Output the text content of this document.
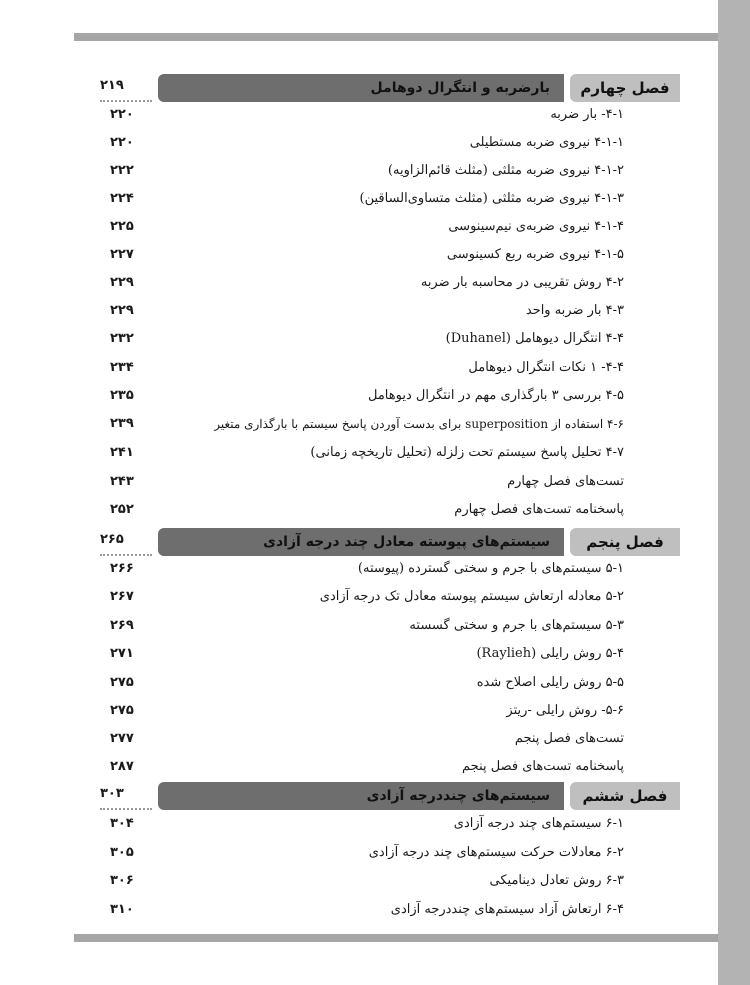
فصل چهارم
بارضربه و انتگرال دوهامل
۲۱۹
۴-۱- بار ضربه
۲۲۰
۴-۱-۱ نیروی ضربه مستطیلی
۲۲۰
۴-۱-۲ نیروی ضربه مثلثی (مثلث قائم‌الزاویه)
۲۲۲
۴-۱-۳ نیروی ضربه مثلثی (مثلث متساوی‌الساقین)
۲۲۴
۴-۱-۴ نیروی ضربه‌ی نیم‌سینوسی
۲۲۵
۴-۱-۵ نیروی ضربه ربع کسینوسی
۲۲۷
۴-۲ روش تقریبی در محاسبه بار ضربه
۲۲۹
۴-۳ بار ضربه واحد
۲۲۹
۴-۴ انتگرال دیوهامل (Duhanel)
۲۳۲
۴-۴- ۱ نکات انتگرال دیوهامل
۲۳۴
۴-۵ بررسی ۳ بارگذاری مهم در انتگرال دیوهامل
۲۳۵
۴-۶ استفاده از superposition برای بدست آوردن پاسخ سیستم با بارگذاری متغیر
۲۳۹
۴-۷ تحلیل پاسخ سیستم تحت زلزله (تحلیل تاریخچه زمانی)
۲۴۱
تست‌های فصل چهارم
۲۴۳
پاسخنامه تست‌های فصل چهارم
۲۵۲
فصل پنجم
سیستم‌های پیوسته معادل چند درجه آزادی
۲۶۵
۵-۱ سیستم‌های با جرم و سختی گسترده (پیوسته)
۲۶۶
۵-۲ معادله ارتعاش سیستم پیوسته معادل تک درجه آزادی
۲۶۷
۵-۳ سیستم‌های با جرم و سختی گسسته
۲۶۹
۵-۴ روش رایلی (Raylieh)
۲۷۱
۵-۵ روش رایلی اصلاح شده
۲۷۵
۵-۶- روش رایلی -ریتز
۲۷۵
تست‌های فصل پنجم
۲۷۷
پاسخنامه تست‌های فصل پنجم
۲۸۷
فصل ششم
سیستم‌های چنددرجه آزادی
۳۰۳
۶-۱ سیستم‌های چند درجه آزادی
۳۰۴
۶-۲ معادلات حرکت سیستم‌های چند درجه آزادی
۳۰۵
۶-۳ روش تعادل دینامیکی
۳۰۶
۶-۴ ارتعاش آزاد سیستم‌های چنددرجه آزادی
۳۱۰
